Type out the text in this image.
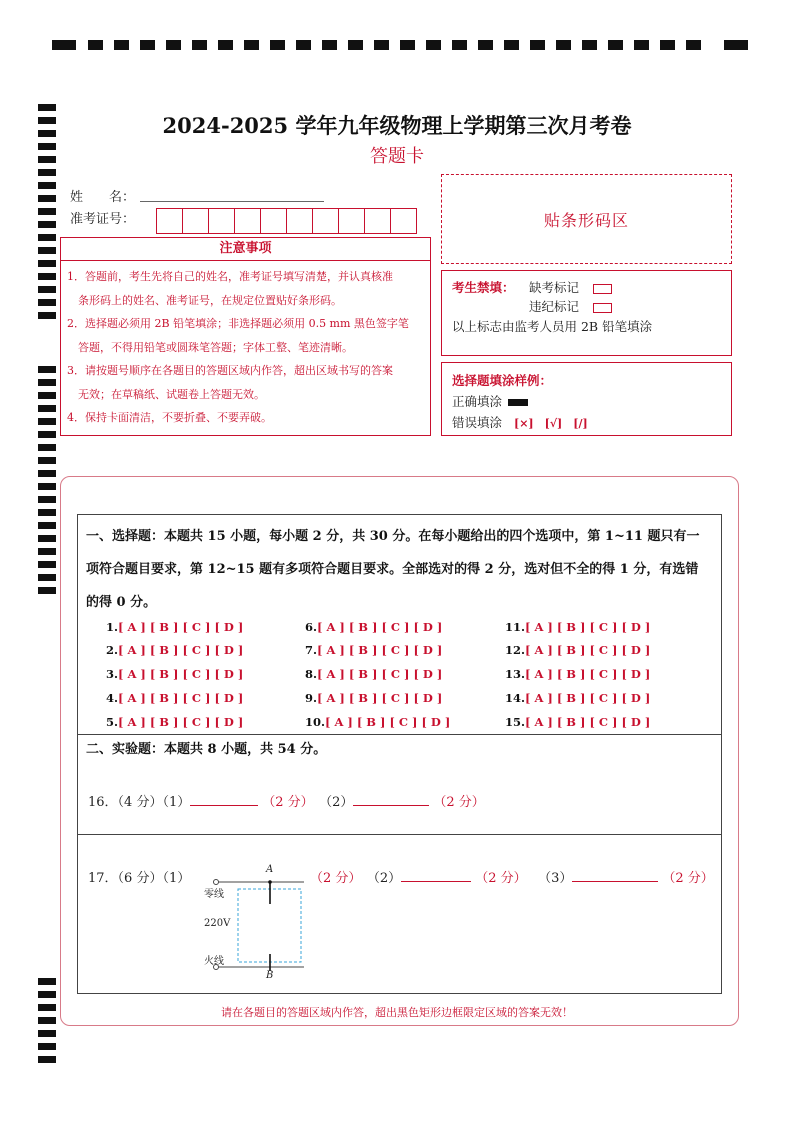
2024-2025 学年九年级物理上学期第三次月考卷
答题卡
姓　　名：
准考证号：	贴条形码区
注意事项

1．答题前，考生先将自己的姓名，准考证号填写清楚，并认真核准

　条形码上的姓名、准考证号，在规定位置贴好条形码。

2．选择题必须用 2B 铅笔填涂；非选择题必须用 0.5 mm 黑色签字笔

　答题，不得用铅笔或圆珠笔答题；字体工整、笔迹清晰。

3．请按题号顺序在各题目的答题区域内作答，超出区域书写的答案

　无效；在草稿纸、试题卷上答题无效。

4．保持卡面清洁，不要折叠、不要弄破。

考生禁填： 缺考标记
违纪标记
以上标志由监考人员用 2B 铅笔填涂
选择题填涂样例：
正确填涂
错误填涂 [×]　[√]　[/]
一、选择题：本题共 15 小题，每小题 2 分，共 30 分。在每小题给出的四个选项中，第 1~11 题只有一
项符合题目要求，第 12~15 题有多项符合题目要求。全部选对的得 2 分，选对但不全的得 1 分，有选错
的得 0 分。
1.[ A ] [ B ] [ C ] [ D ]
2.[ A ] [ B ] [ C ] [ D ]
3.[ A ] [ B ] [ C ] [ D ]
4.[ A ] [ B ] [ C ] [ D ]
5.[ A ] [ B ] [ C ] [ D ]
6.[ A ] [ B ] [ C ] [ D ]
7.[ A ] [ B ] [ C ] [ D ]
8.[ A ] [ B ] [ C ] [ D ]
9.[ A ] [ B ] [ C ] [ D ]
10.[ A ] [ B ] [ C ] [ D ]
11.[ A ] [ B ] [ C ] [ D ]
12.[ A ] [ B ] [ C ] [ D ]
13.[ A ] [ B ] [ C ] [ D ]
14.[ A ] [ B ] [ C ] [ D ]
15.[ A ] [ B ] [ C ] [ D ]
二、实验题：本题共 8 小题，共 54 分。
16．（4 分）（1）	（2 分） （2）	（2 分）
17．（6 分）（1）
A
B
零线
220V
火线
（2 分） （2）	（2 分） （3）	（2 分）
请在各题目的答题区域内作答，超出黑色矩形边框限定区域的答案无效！
